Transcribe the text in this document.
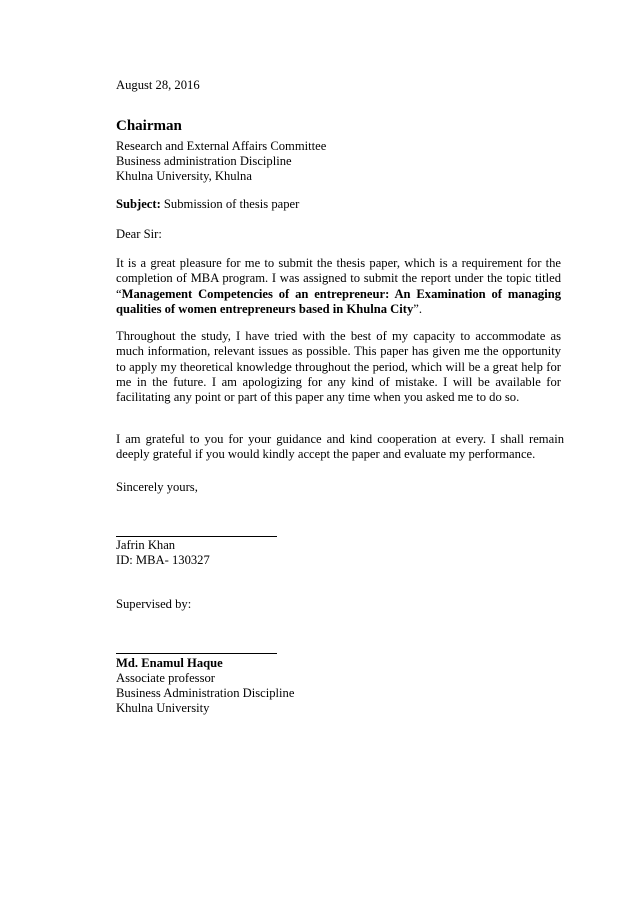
August 28, 2016

Chairman

Research and External Affairs Committee

Business administration Discipline

Khulna University, Khulna

Subject: Submission of thesis paper

Dear Sir:

It is a great pleasure for me to submit the thesis paper, which is a requirement for the completion of MBA program. I was assigned to submit the report under the topic titled “Management Competencies of an entrepreneur: An Examination of managing qualities of women entrepreneurs based in Khulna City”.

Throughout the study, I have tried with the best of my capacity to accommodate as much information, relevant issues as possible. This paper has given me the opportunity to apply my theoretical knowledge throughout the period, which will be a great help for me in the future. I am apologizing for any kind of mistake. I will be available for facilitating any point or part of this paper any time when you asked me to do so.

I am grateful to you for your guidance and kind cooperation at every. I shall remain deeply grateful if you would kindly accept the paper and evaluate my performance.

Sincerely yours,

Jafrin Khan

ID: MBA- 130327

Supervised by:

Md. Enamul Haque

Associate professor

Business Administration Discipline

Khulna University
